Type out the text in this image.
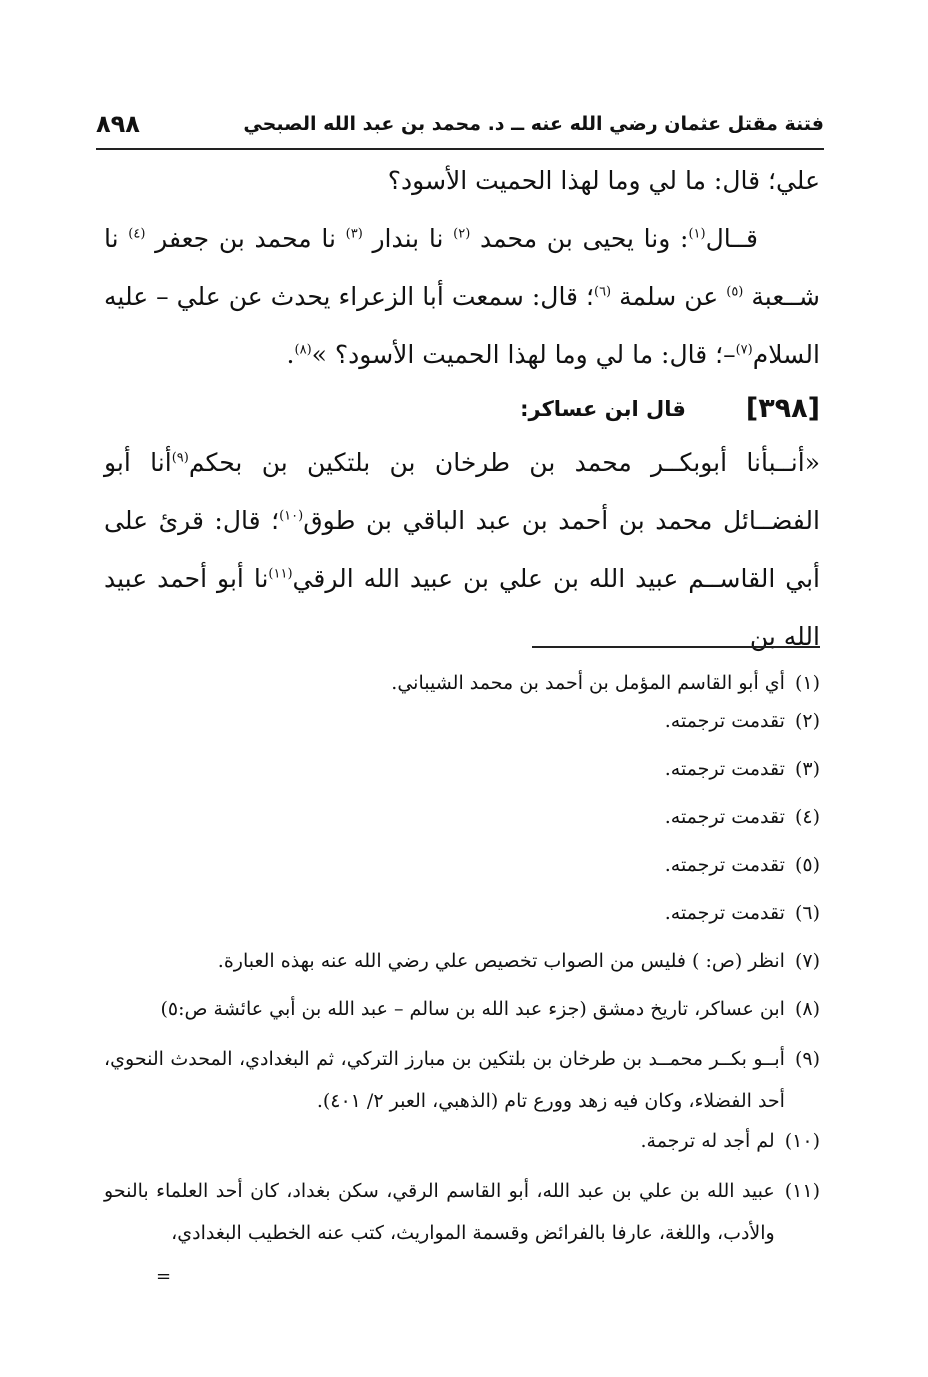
فتنة مقتل عثمان رضي الله عنه ــ د. محمد بن عبد الله الصبحي
٨٩٨

علي؛ قال: ما لي وما لهذا الحميت الأسود؟

قــال$^{(١)}$: ونا يحيى بن محمد $^{(٢)}$ نا بندار $^{(٣)}$ نا محمد بن جعفر $^{(٤)}$ نا شــعبة $^{(٥)}$ عن سلمة $^{(٦)}$؛ قال: سمعت أبا الزعراء يحدث عن علي – عليه السلام$^{(٧)}$–؛ قال: ما لي وما لهذا الحميت الأسود؟ »$^{(٨)}$.

[٣٩٨]
قال ابن عساكر:

«أنــبأنا أبوبكــر محمد بن طرخان بن بلتكين بن بحكم$^{(٩)}$أنا أبو الفضــائل محمد بن أحمد بن عبد الباقي بن طوق$^{(١٠)}$؛ قال: قرئ على أبي القاســم عبيد الله بن علي بن عبيد الله الرقي$^{(١١)}$نا أبو أحمد عبيد الله بن

(١)
أي أبو القاسم المؤمل بن أحمد بن محمد الشيباني.
(٢)
تقدمت ترجمته.
(٣)
تقدمت ترجمته.
(٤)
تقدمت ترجمته.
(٥)
تقدمت ترجمته.
(٦)
تقدمت ترجمته.
(٧)
انظر (ص: ) فليس من الصواب تخصيص علي رضي الله عنه بهذه العبارة.
(٨)
ابن عساكر، تاريخ دمشق (جزء عبد الله بن سالم – عبد الله بن أبي عائشة ص:٥)
(٩)
أبــو بكــر محمــد بن طرخان بن بلتكين بن مبارز التركي، ثم البغدادي، المحدث النحوي، أحد الفضلاء، وكان فيه زهد وورع تام (الذهبي، العبر ٢/ ٤٠١).
(١٠)
لم أجد له ترجمة.
(١١)
عبيد الله بن علي بن عبد الله، أبو القاسم الرقي، سكن بغداد، كان أحد العلماء بالنحو والأدب، واللغة، عارفا بالفرائض وقسمة المواريث، كتب عنه الخطيب البغدادي،
=
